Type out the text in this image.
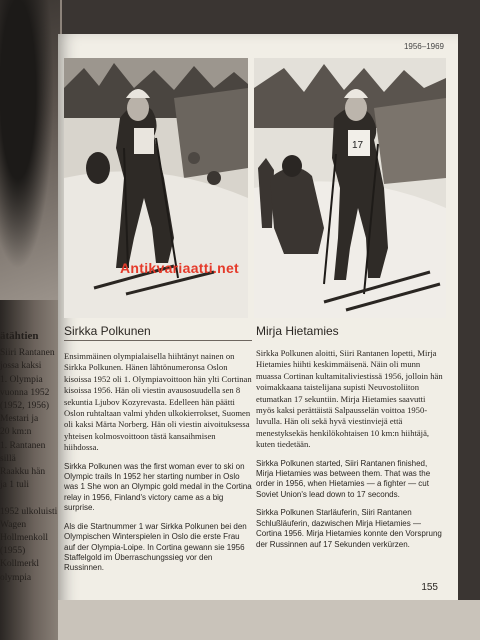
ätähtien
Siiri Rantanen
jossa kaksi
1. Olympia
vuonna 1952
(1952, 1956)
Mestari ja
20 km:n
1. Rantanen
sillä
Raakku hän
ja 1 tuli

1952 ulkoluisti
Wagen
Hollmenkoll
(1955)
Kollmerkl
olympia
1956–1969
17
Antikvariaatti.net
Sirkka Polkunen

Ensimmäinen olympialaisella hiihtänyt nainen on Sirkka Polkunen. Hänen lähtönumeronsa Oslon kisoissa 1952 oli 1. Olympiavoittoon hän ylti Cortinan kisoissa 1956. Hän oli viestin avausosuudella sen 8 sekuntia Ljubov Kozyrevasta. Edelleen hän päätti Oslon ruhtaltaan valmi yhden ulkokierrokset, Suomen oli kaksi Märta Norberg. Hän oli viestin aivoituksessa yhteisen kolmosvoittoon tästä kansaihmisen hiihdossa.

Sirkka Polkunen was the first woman ever to ski on Olympic trails In 1952 her starting number in Oslo was 1 She won an Olympic gold medal in the Cortina relay in 1956, Finland's victory came as a big surprise.

Als die Startnummer 1 war Sirkka Polkunen bei den Olympischen Winterspielen in Oslo die erste Frau auf der Olympia-Loipe. In Cortina gewann sie 1956 Staffelgold im Überraschungssieg vor den Russinnen.

Mirja Hietamies

Sirkka Polkunen aloitti, Siiri Rantanen lopetti, Mirja Hietamies hiihti keskimmäisenä. Näin oli munn muassa Cortinan kultamitaliviestissä 1956, jolloin hän voimakkaana taistelijana supisti Neuvostoliiton etumatkan 17 sekuntiin. Mirja Hietamies saavutti myös kaksi perättäistä Salpausselän voittoa 1950-luvulla. Hän oli sekä hyvä viestinviejä että menestyksekäs henkilökohtaisen 10 km:n hiihtäjä, kuten tiedetään.

Sirkka Polkunen started, Siiri Rantanen finished, Mirja Hietamies was between them. That was the order in 1956, when Hietamies — a fighter — cut Soviet Union's lead down to 17 seconds.

Sirkka Polkunen Starläuferin, Siiri Rantanen Schlußläuferin, dazwischen Mirja Hietamies — Cortina 1956. Mirja Hietamies konnte den Vorsprung der Russinnen auf 17 Sekunden verkürzen.

155
